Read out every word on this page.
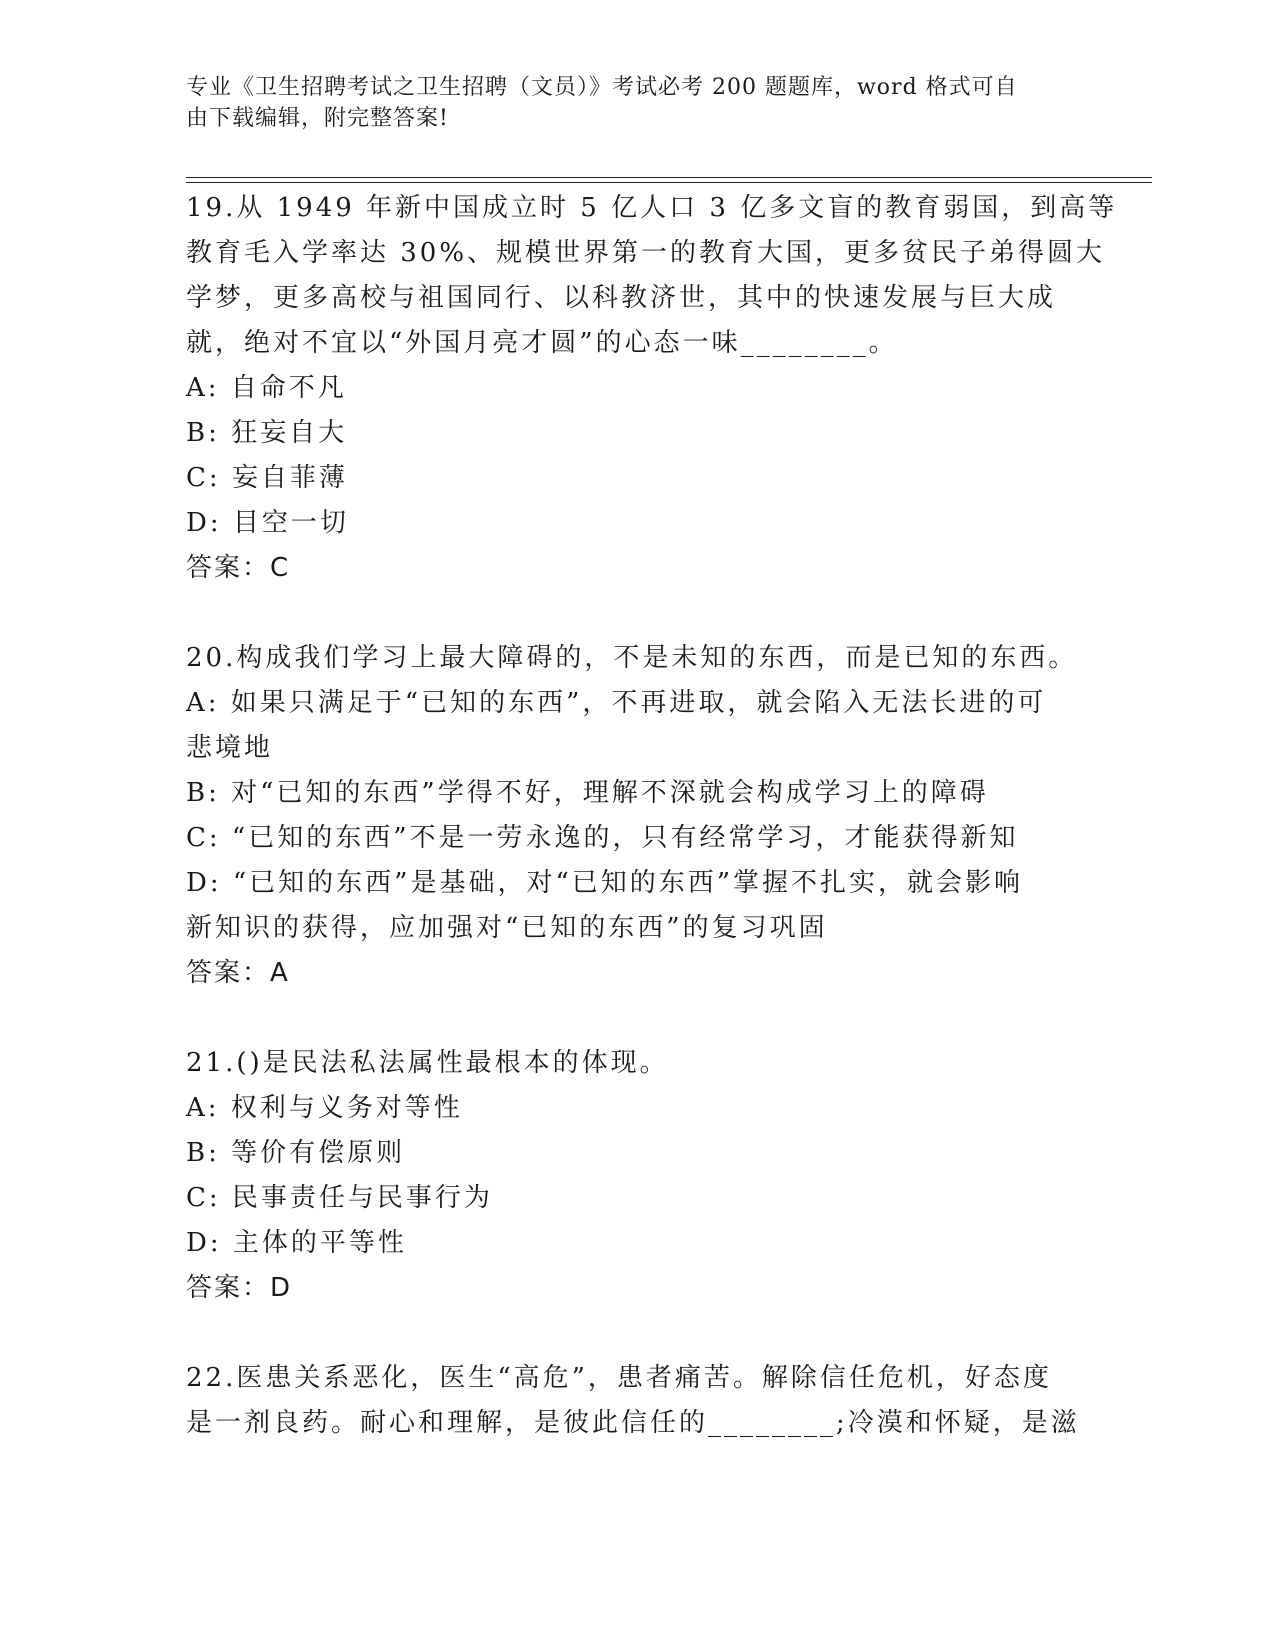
专业《卫生招聘考试之卫生招聘（文员）》考试必考 200 题题库，word 格式可自
由下载编辑，附完整答案!
19.从 1949 年新中国成立时 5 亿人口 3 亿多文盲的教育弱国，到高等
教育毛入学率达 30%、规模世界第一的教育大国，更多贫民子弟得圆大
学梦，更多高校与祖国同行、以科教济世，其中的快速发展与巨大成
就，绝对不宜以“外国月亮才圆”的心态一味________。
A: 自命不凡
B: 狂妄自大
C: 妄自菲薄
D: 目空一切
答案：C
20.构成我们学习上最大障碍的，不是未知的东西，而是已知的东西。
A: 如果只满足于“已知的东西”，不再进取，就会陷入无法长进的可
悲境地
B: 对“已知的东西”学得不好，理解不深就会构成学习上的障碍
C: “已知的东西”不是一劳永逸的，只有经常学习，才能获得新知
D: “已知的东西”是基础，对“已知的东西”掌握不扎实，就会影响
新知识的获得，应加强对“已知的东西”的复习巩固
答案：A
21.()是民法私法属性最根本的体现。
A: 权利与义务对等性
B: 等价有偿原则
C: 民事责任与民事行为
D: 主体的平等性
答案：D
22.医患关系恶化，医生“高危”，患者痛苦。解除信任危机，好态度
是一剂良药。耐心和理解，是彼此信任的________;冷漠和怀疑，是滋
